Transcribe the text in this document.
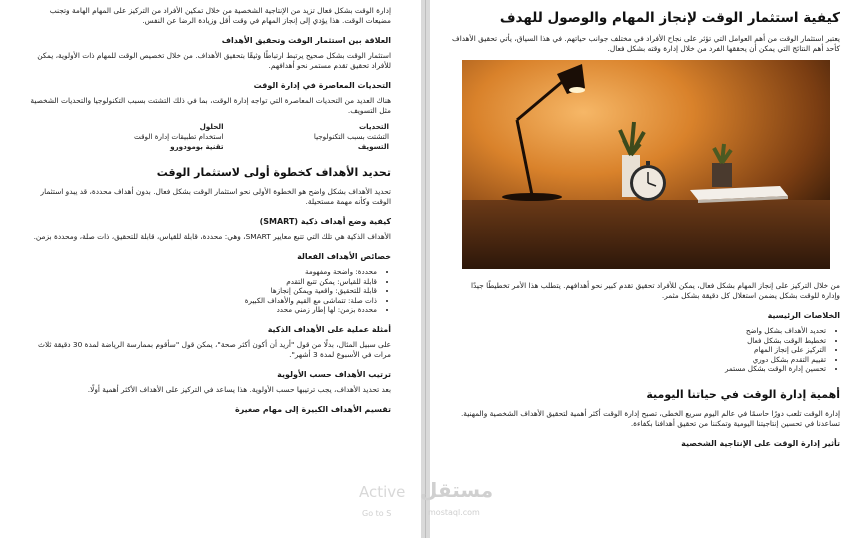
إدارة الوقت بشكل فعال تزيد من الإنتاجية الشخصية من خلال تمكين الأفراد من التركيز على المهام الهامة وتجنب مضيعات الوقت. هذا يؤدي إلى إنجاز المهام في وقت أقل وزيادة الرضا عن النفس.

العلاقة بين استثمار الوقت وتحقيق الأهداف

استثمار الوقت بشكل صحيح يرتبط ارتباطًا وثيقًا بتحقيق الأهداف. من خلال تخصيص الوقت للمهام ذات الأولوية، يمكن للأفراد تحقيق تقدم مستمر نحو أهدافهم.

التحديات المعاصرة في إدارة الوقت

هناك العديد من التحديات المعاصرة التي تواجه إدارة الوقت، بما في ذلك التشتت بسبب التكنولوجيا والتحديات الشخصية مثل التسويف.

التحديات	الحلول
التشتت بسبب التكنولوجيا	استخدام تطبيقات إدارة الوقت
التسويف	تقنية بومودورو
تحديد الأهداف كخطوة أولى لاستثمار الوقت

تحديد الأهداف بشكل واضح هو الخطوة الأولى نحو استثمار الوقت بشكل فعال. بدون أهداف محددة، قد يبدو استثمار الوقت وكأنه مهمة مستحيلة.

كيفية وضع أهداف ذكية (SMART)

الأهداف الذكية هي تلك التي تتبع معايير SMART، وهي: محددة، قابلة للقياس، قابلة للتحقيق، ذات صلة، ومحددة بزمن.

خصائص الأهداف الفعالة
• محددة: واضحة ومفهومة
• قابلة للقياس: يمكن تتبع التقدم
• قابلة للتحقيق: واقعية ويمكن إنجازها
• ذات صلة: تتماشى مع القيم والأهداف الكبيرة
• محددة بزمن: لها إطار زمني محدد
أمثلة عملية على الأهداف الذكية

على سبيل المثال، بدلًا من قول "أريد أن أكون أكثر صحة"، يمكن قول "سأقوم بممارسة الرياضة لمدة 30 دقيقة ثلاث مرات في الأسبوع لمدة 3 أشهر".

ترتيب الأهداف حسب الأولوية

بعد تحديد الأهداف، يجب ترتيبها حسب الأولوية. هذا يساعد في التركيز على الأهداف الأكثر أهمية أولًا.

تقسيم الأهداف الكبيرة إلى مهام صغيرة
كيفية استثمار الوقت لإنجاز المهام والوصول للهدف

يعتبر استثمار الوقت من أهم العوامل التي تؤثر على نجاح الأفراد في مختلف جوانب حياتهم. في هذا السياق، يأتي تحقيق الأهداف كأحد أهم النتائج التي يمكن أن يحققها الفرد من خلال إدارة وقته بشكل فعال.

من خلال التركيز على إنجاز المهام بشكل فعال، يمكن للأفراد تحقيق تقدم كبير نحو أهدافهم. يتطلب هذا الأمر تخطيطًا جيدًا وإدارة للوقت بشكل يضمن استغلال كل دقيقة بشكل مثمر.

الخلاصات الرئيسية
• تحديد الأهداف بشكل واضح
• تخطيط الوقت بشكل فعال
• التركيز على إنجاز المهام
• تقييم التقدم بشكل دوري
• تحسين إدارة الوقت بشكل مستمر
أهمية إدارة الوقت في حياتنا اليومية

إدارة الوقت تلعب دورًا حاسمًا في عالم اليوم سريع الخطى، تصبح إدارة الوقت أكثر أهمية لتحقيق الأهداف الشخصية والمهنية. تساعدنا في تحسين إنتاجيتنا اليومية وتمكننا من تحقيق أهدافنا بكفاءة.

تأثير إدارة الوقت على الإنتاجية الشخصية
Active
Go to S
مستقل
mostaql.com
